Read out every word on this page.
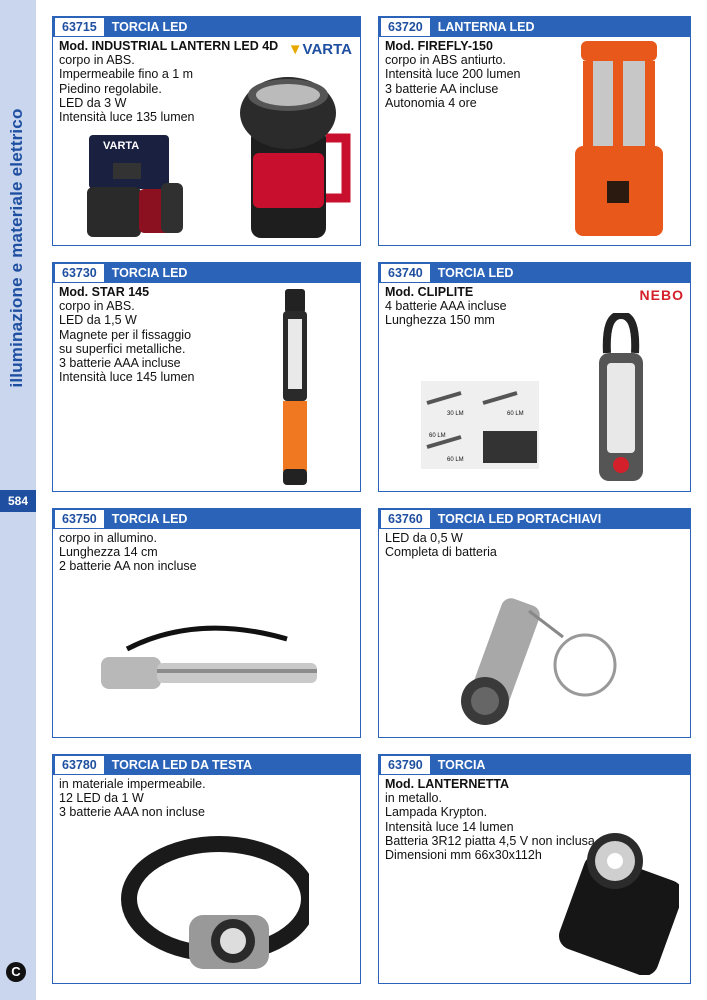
illuminazione e materiale elettrico
584
C
63715	TORCIA LED
Mod. INDUSTRIAL LANTERN LED 4D
corpo in ABS.
Impermeabile fino a 1 m
Piedino regolabile.
LED da 3 W
Intensità luce 135 lumen
▼VARTA
VARTA
63720	LANTERNA LED
Mod. FIREFLY-150
corpo in ABS antiurto.
Intensità luce 200 lumen
3 batterie AA incluse
Autonomia 4 ore
63730	TORCIA LED
Mod. STAR 145
corpo in ABS.
LED da 1,5 W
Magnete per il fissaggio
su superfici metalliche.
3 batterie AAA incluse
Intensità luce 145 lumen
63740	TORCIA LED
Mod. CLIPLITE
4 batterie AAA incluse
Lunghezza 150 mm
NEBO
30 LM	60 LM
60 LM
60 LM
63750	TORCIA LED
corpo in allumino.
Lunghezza 14 cm
2 batterie AA non incluse
63760	TORCIA LED PORTACHIAVI
LED da 0,5 W
Completa di batteria
63780	TORCIA LED DA TESTA
in materiale impermeabile.
12 LED da 1 W
3 batterie AAA non incluse
63790	TORCIA
Mod. LANTERNETTA
in metallo.
Lampada Krypton.
Intensità luce 14 lumen
Batteria 3R12 piatta 4,5 V non inclusa
Dimensioni mm 66x30x112h
